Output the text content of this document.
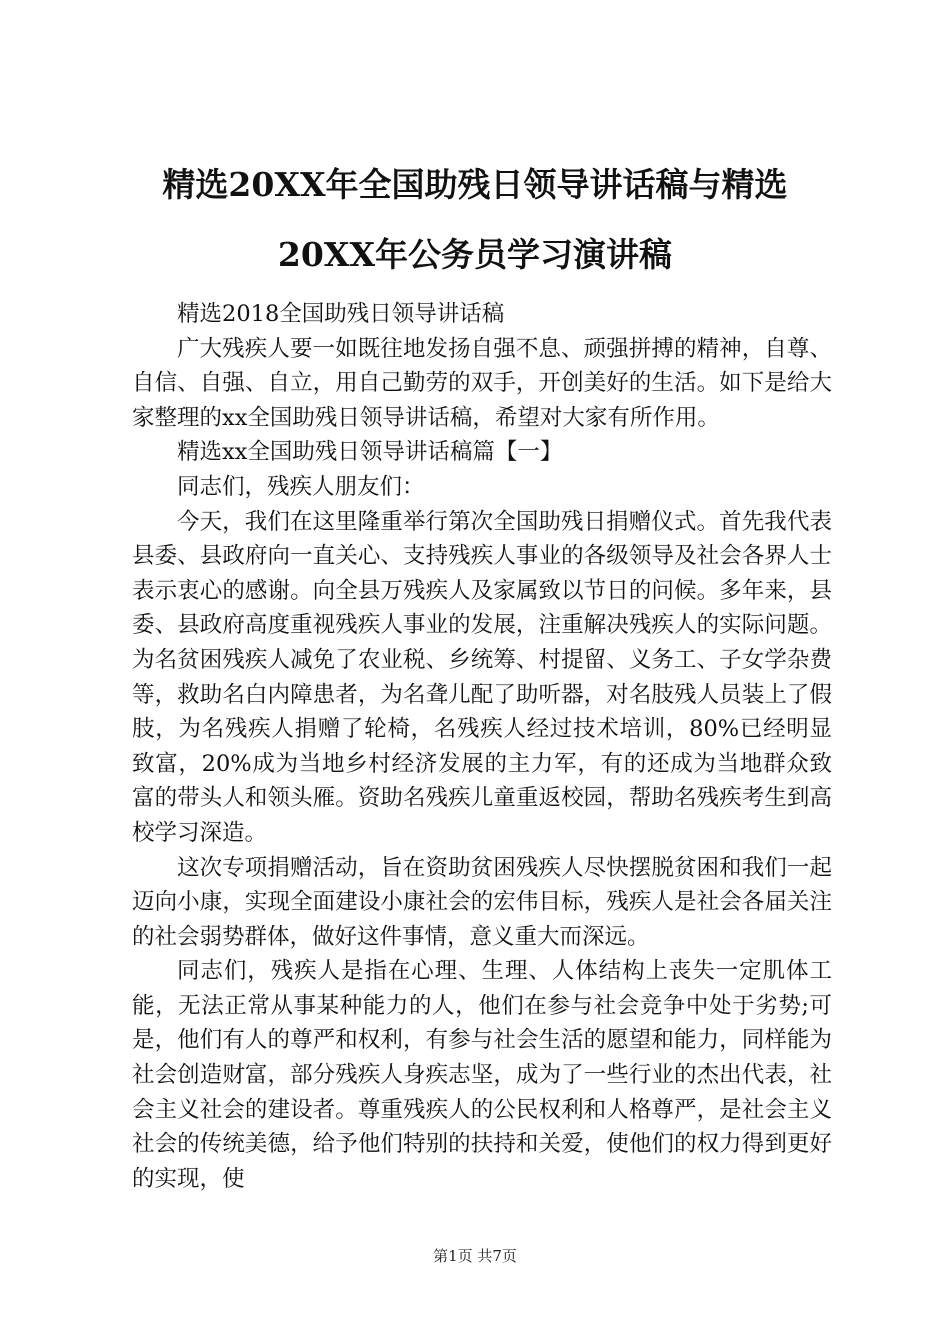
精选20XX年全国助残日领导讲话稿与精选
20XX年公务员学习演讲稿

精选2018全国助残日领导讲话稿

广大残疾人要一如既往地发扬自强不息、顽强拼搏的精神，自尊、自信、自强、自立，用自己勤劳的双手，开创美好的生活。如下是给大家整理的xx全国助残日领导讲话稿，希望对大家有所作用。

精选xx全国助残日领导讲话稿篇【一】

同志们，残疾人朋友们：

今天，我们在这里隆重举行第次全国助残日捐赠仪式。首先我代表县委、县政府向一直关心、支持残疾人事业的各级领导及社会各界人士表示衷心的感谢。向全县万残疾人及家属致以节日的问候。多年来，县委、县政府高度重视残疾人事业的发展，注重解决残疾人的实际问题。为名贫困残疾人减免了农业税、乡统筹、村提留、义务工、子女学杂费等，救助名白内障患者，为名聋儿配了助听器，对名肢残人员装上了假肢，为名残疾人捐赠了轮椅，名残疾人经过技术培训，80%已经明显致富，20%成为当地乡村经济发展的主力军，有的还成为当地群众致富的带头人和领头雁。资助名残疾儿童重返校园，帮助名残疾考生到高校学习深造。

这次专项捐赠活动，旨在资助贫困残疾人尽快摆脱贫困和我们一起迈向小康，实现全面建设小康社会的宏伟目标，残疾人是社会各届关注的社会弱势群体，做好这件事情，意义重大而深远。

同志们，残疾人是指在心理、生理、人体结构上丧失一定肌体工能，无法正常从事某种能力的人，他们在参与社会竞争中处于劣势;可是，他们有人的尊严和权利，有参与社会生活的愿望和能力，同样能为社会创造财富，部分残疾人身疾志坚，成为了一些行业的杰出代表，社会主义社会的建设者。尊重残疾人的公民权利和人格尊严，是社会主义社会的传统美德，给予他们特别的扶持和关爱，使他们的权力得到更好的实现，使

第1页 共7页
